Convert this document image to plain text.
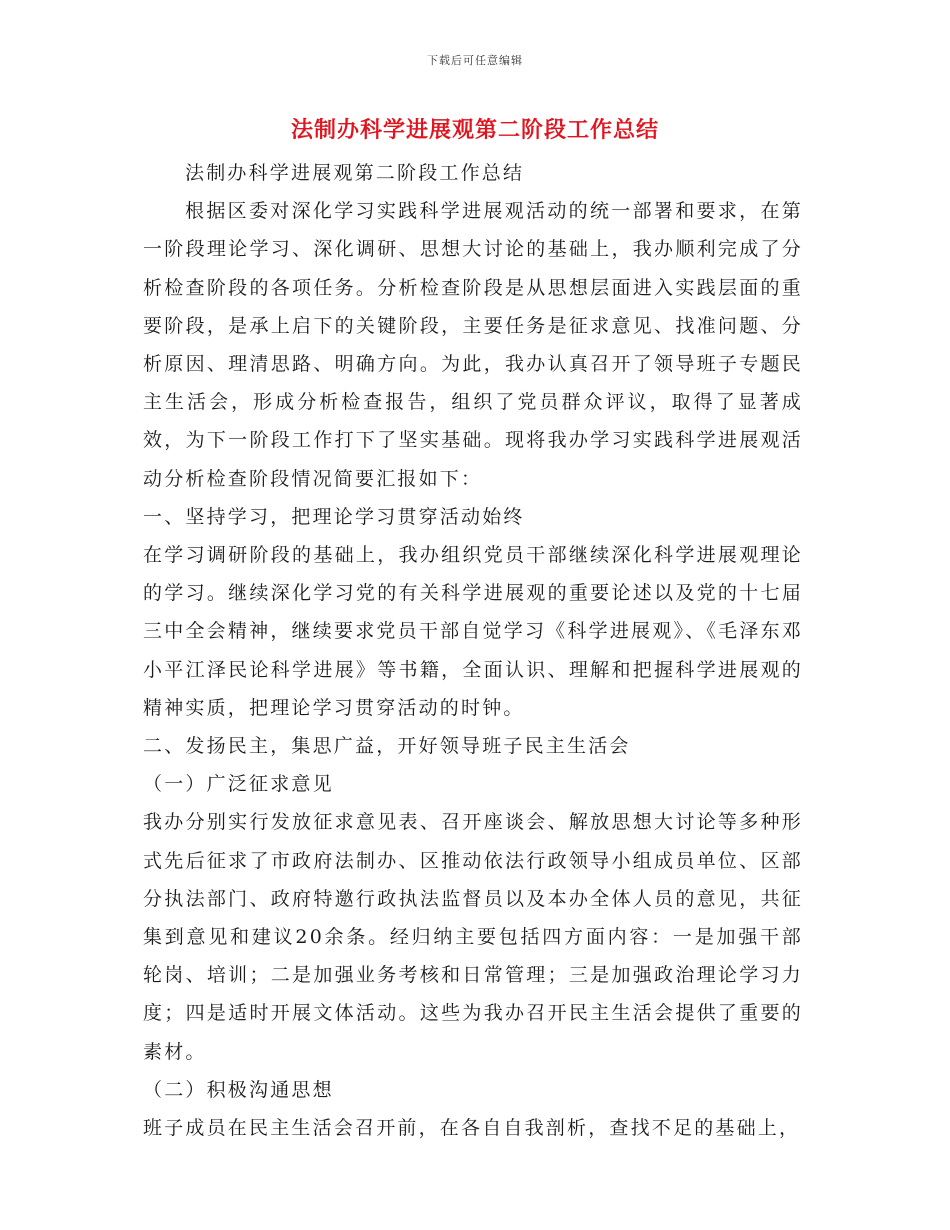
下载后可任意编辑
法制办科学进展观第二阶段工作总结

法制办科学进展观第二阶段工作总结

根据区委对深化学习实践科学进展观活动的统一部署和要求，在第一阶段理论学习、深化调研、思想大讨论的基础上，我办顺利完成了分析检查阶段的各项任务。分析检查阶段是从思想层面进入实践层面的重要阶段，是承上启下的关键阶段，主要任务是征求意见、找准问题、分析原因、理清思路、明确方向。为此，我办认真召开了领导班子专题民主生活会，形成分析检查报告，组织了党员群众评议，取得了显著成效，为下一阶段工作打下了坚实基础。现将我办学习实践科学进展观活动分析检查阶段情况简要汇报如下：

一、坚持学习，把理论学习贯穿活动始终

在学习调研阶段的基础上，我办组织党员干部继续深化科学进展观理论的学习。继续深化学习党的有关科学进展观的重要论述以及党的十七届三中全会精神，继续要求党员干部自觉学习《科学进展观》、《毛泽东邓小平江泽民论科学进展》等书籍，全面认识、理解和把握科学进展观的精神实质，把理论学习贯穿活动的时钟。

二、发扬民主，集思广益，开好领导班子民主生活会

（一）广泛征求意见

我办分别实行发放征求意见表、召开座谈会、解放思想大讨论等多种形式先后征求了市政府法制办、区推动依法行政领导小组成员单位、区部分执法部门、政府特邀行政执法监督员以及本办全体人员的意见，共征集到意见和建议20余条。经归纳主要包括四方面内容：一是加强干部轮岗、培训；二是加强业务考核和日常管理；三是加强政治理论学习力度；四是适时开展文体活动。这些为我办召开民主生活会提供了重要的素材。

（二）积极沟通思想

班子成员在民主生活会召开前，在各自自我剖析，查找不足的基础上，
